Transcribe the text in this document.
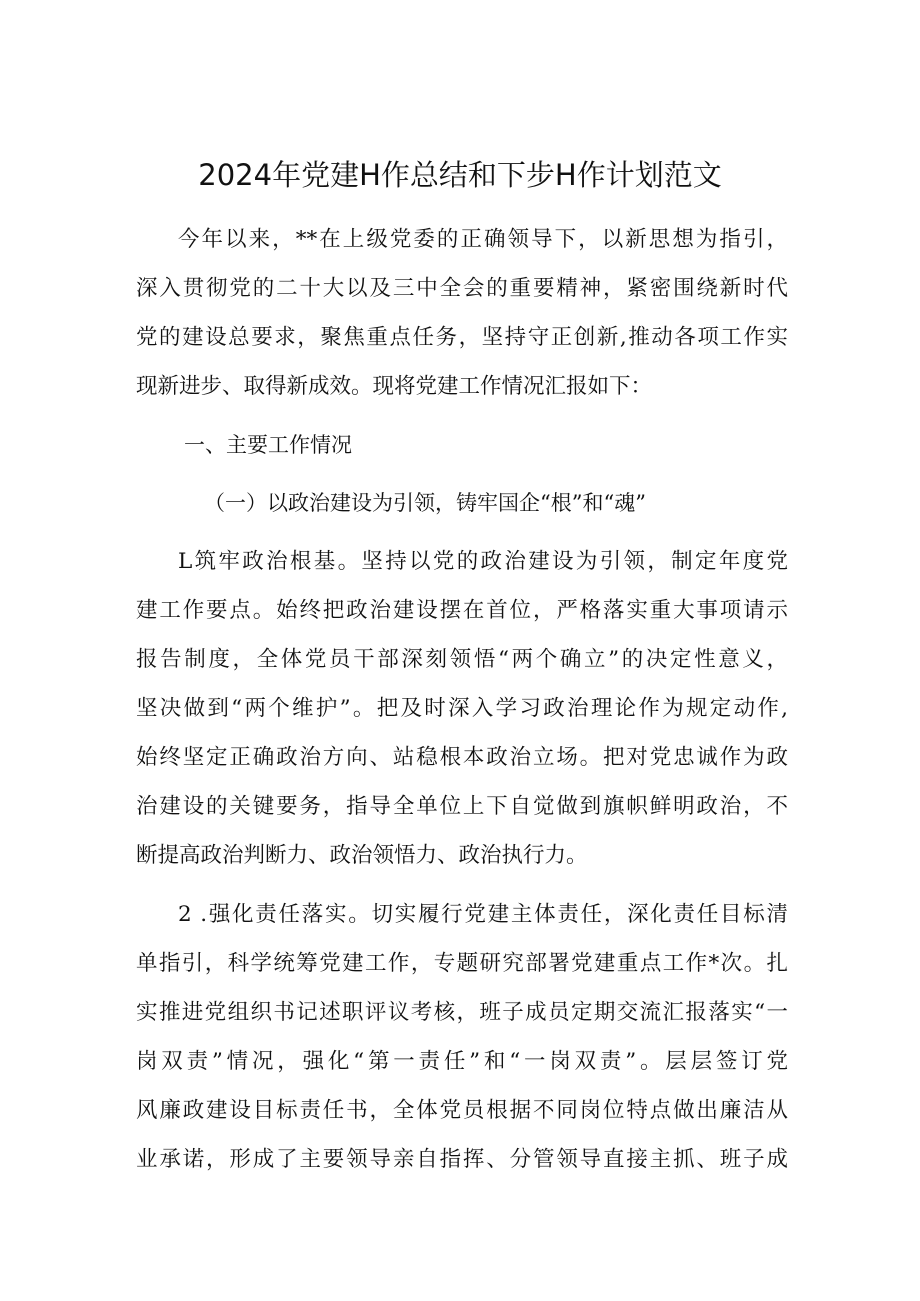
2024年党建H作总结和下步H作计划范文
今年以来，**在上级党委的正确领导下，以新思想为指引，
深入贯彻党的二十大以及三中全会的重要精神，紧密围绕新时代
党的建设总要求，聚焦重点任务，坚持守正创新,推动各项工作实
现新进步、取得新成效。现将党建工作情况汇报如下：
一、主要工作情况
（一）以政治建设为引领，铸牢国企“根”和“魂”
L筑牢政治根基。坚持以党的政治建设为引领，制定年度党
建工作要点。始终把政治建设摆在首位，严格落实重大事项请示
报告制度，全体党员干部深刻领悟“两个确立”的决定性意义，
坚决做到“两个维护”。把及时深入学习政治理论作为规定动作,
始终坚定正确政治方向、站稳根本政治立场。把对党忠诚作为政
治建设的关键要务，指导全单位上下自觉做到旗帜鲜明政治，不
断提高政治判断力、政治领悟力、政治执行力。
2 .强化责任落实。切实履行党建主体责任，深化责任目标清
单指引，科学统筹党建工作，专题研究部署党建重点工作*次。扎
实推进党组织书记述职评议考核，班子成员定期交流汇报落实“一
岗双责”情况，强化“第一责任”和“一岗双责”。层层签订党
风廉政建设目标责任书，全体党员根据不同岗位特点做出廉洁从
业承诺，形成了主要领导亲自指挥、分管领导直接主抓、班子成
